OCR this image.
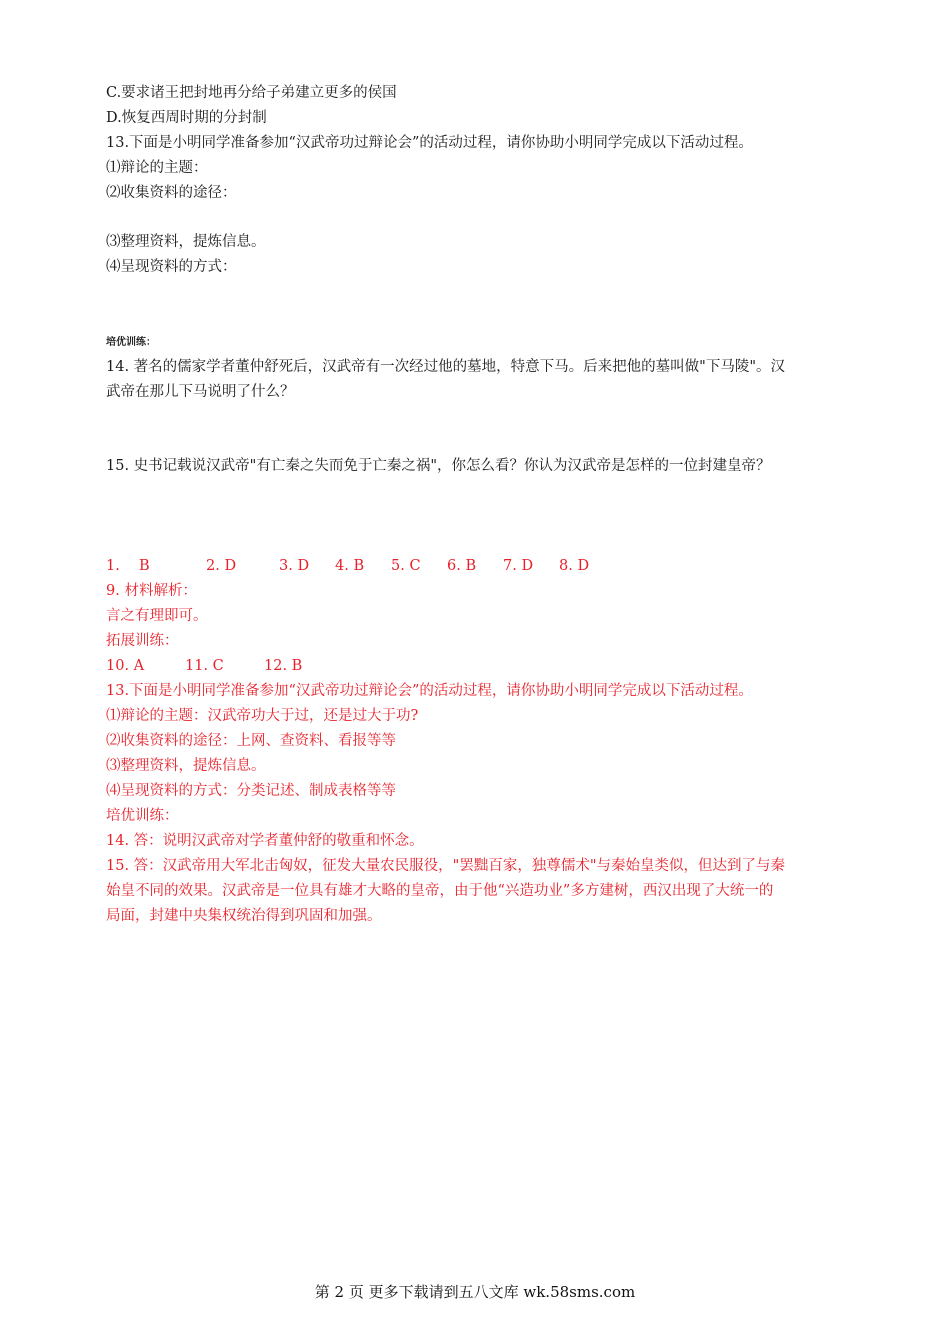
C.要求诸王把封地再分给子弟建立更多的侯国
D.恢复西周时期的分封制
13.下面是小明同学准备参加“汉武帝功过辩论会”的活动过程，请你协助小明同学完成以下活动过程。
⑴辩论的主题：
⑵收集资料的途径：
⑶整理资料，提炼信息。
⑷呈现资料的方式：
培优训练：
14. 著名的儒家学者董仲舒死后，汉武帝有一次经过他的墓地，特意下马。后来把他的墓叫做"下马陵"。汉
武帝在那儿下马说明了什么？
15. 史书记载说汉武帝"有亡秦之失而免于亡秦之祸"，你怎么看？你认为汉武帝是怎样的一位封建皇帝？
1.　 B	2. D	3. D 4. B 5. C 6. B 7. D 8. D
9. 材料解析：
言之有理即可。
拓展训练：
10. A	11. C	12. B
13.下面是小明同学准备参加“汉武帝功过辩论会”的活动过程，请你协助小明同学完成以下活动过程。
⑴辩论的主题：汉武帝功大于过，还是过大于功?
⑵收集资料的途径：上网、查资料、看报等等
⑶整理资料，提炼信息。
⑷呈现资料的方式：分类记述、制成表格等等
培优训练：
14. 答：说明汉武帝对学者董仲舒的敬重和怀念。
15. 答：汉武帝用大军北击匈奴，征发大量农民服役，"罢黜百家，独尊儒术"与秦始皇类似，但达到了与秦
始皇不同的效果。汉武帝是一位具有雄才大略的皇帝，由于他“兴造功业”多方建树，西汉出现了大统一的
局面，封建中央集权统治得到巩固和加强。
第 2 页 更多下载请到五八文库 wk.58sms.com
